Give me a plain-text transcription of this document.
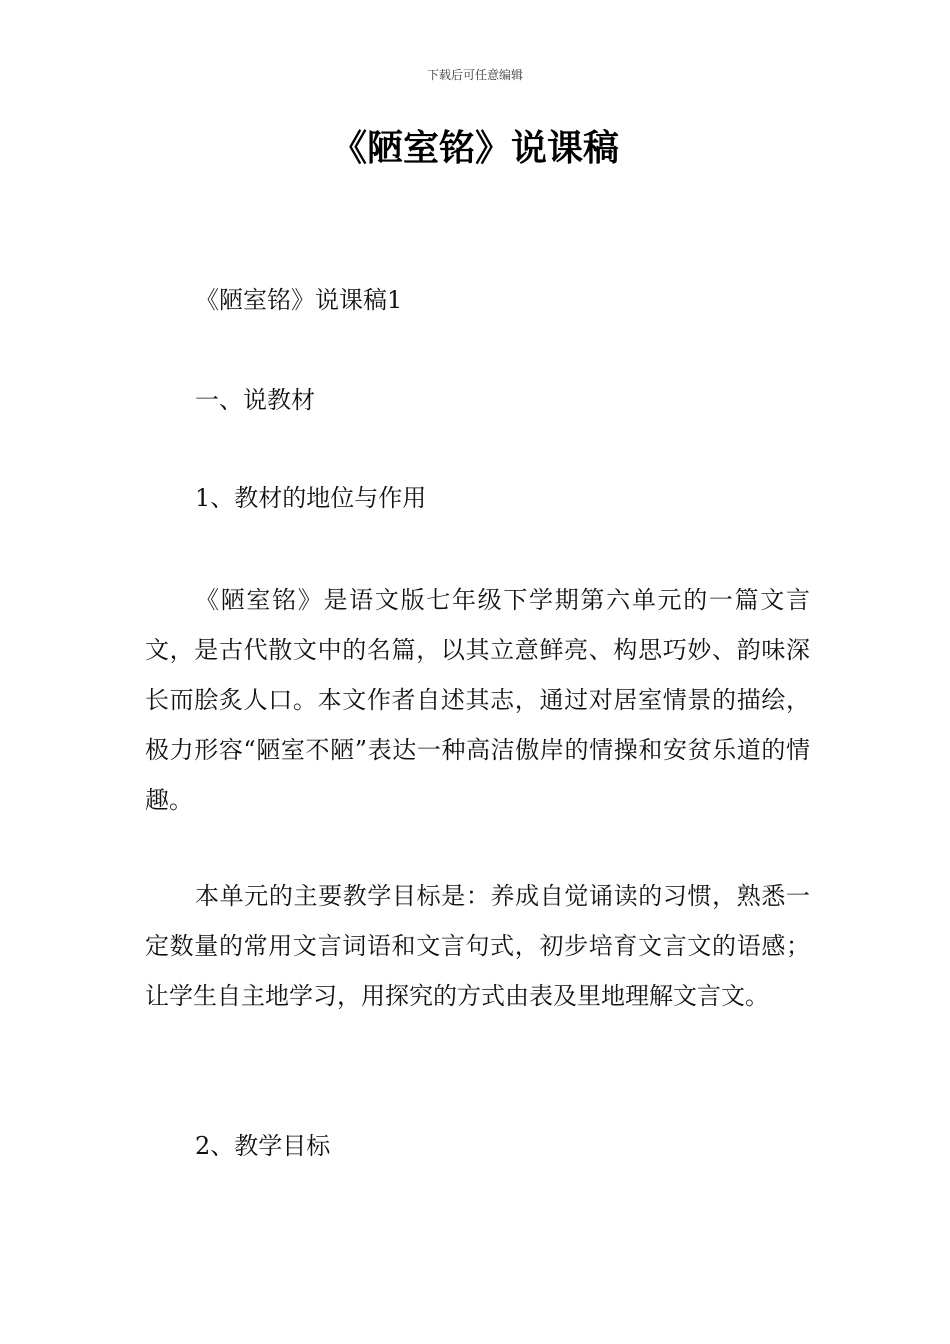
下载后可任意编辑
《陋室铭》说课稿
《陋室铭》说课稿1
一、说教材
1、教材的地位与作用
《陋室铭》是语文版七年级下学期第六单元的一篇文言文，是古代散文中的名篇，以其立意鲜亮、构思巧妙、韵味深长而脍炙人口。本文作者自述其志，通过对居室情景的描绘，极力形容“陋室不陋”表达一种高洁傲岸的情操和安贫乐道的情趣。
本单元的主要教学目标是：养成自觉诵读的习惯，熟悉一定数量的常用文言词语和文言句式，初步培育文言文的语感；让学生自主地学习，用探究的方式由表及里地理解文言文。
2、教学目标
